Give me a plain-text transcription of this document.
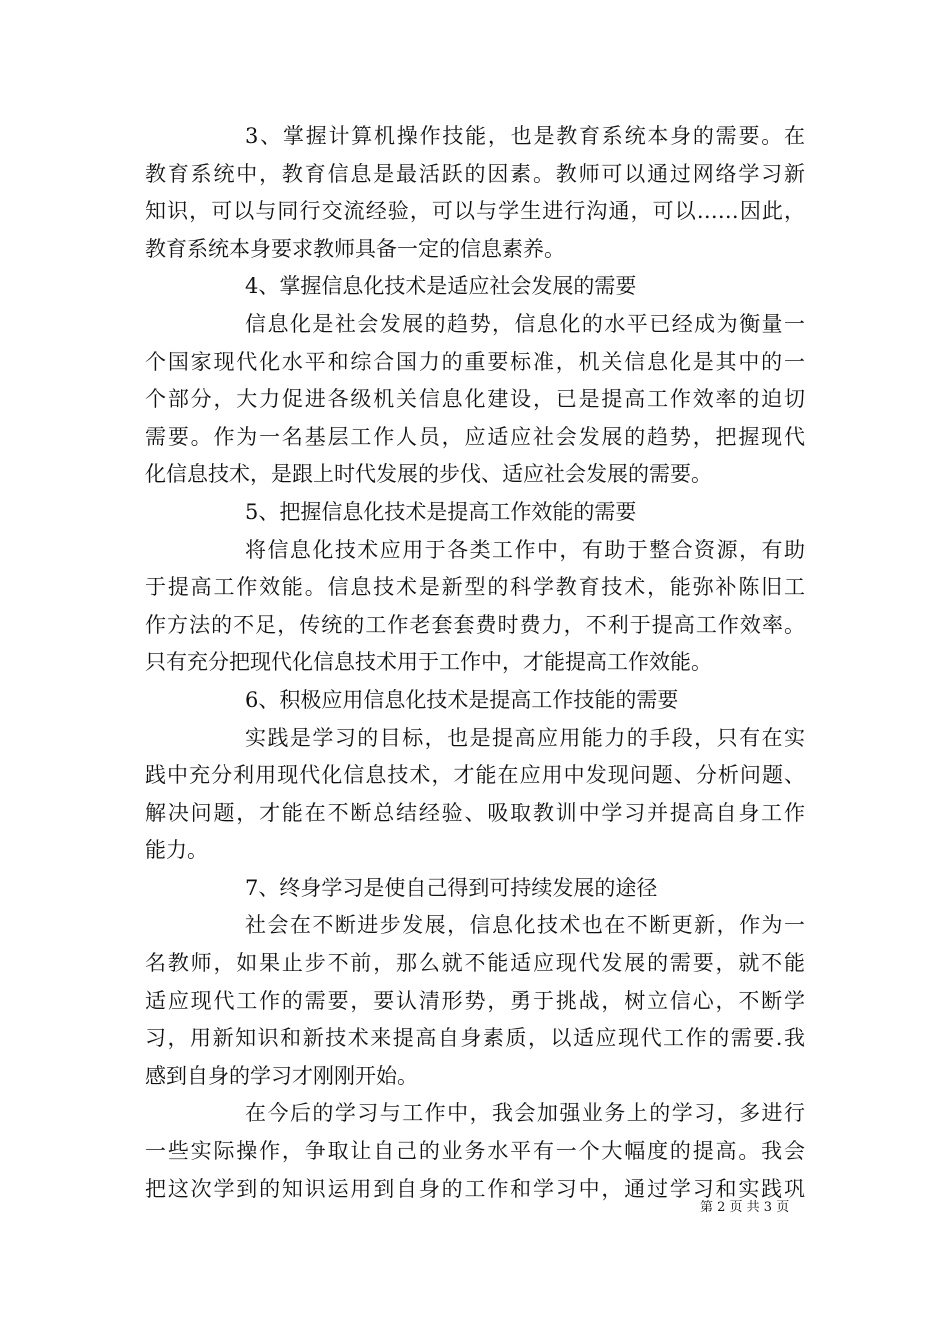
3、掌握计算机操作技能，也是教育系统本身的需要。在
教育系统中，教育信息是最活跃的因素。教师可以通过网络学习新
知识，可以与同行交流经验，可以与学生进行沟通，可以……因此，
教育系统本身要求教师具备一定的信息素养。
4、掌握信息化技术是适应社会发展的需要
信息化是社会发展的趋势，信息化的水平已经成为衡量一
个国家现代化水平和综合国力的重要标准，机关信息化是其中的一
个部分，大力促进各级机关信息化建设，已是提高工作效率的迫切
需要。作为一名基层工作人员，应适应社会发展的趋势，把握现代
化信息技术，是跟上时代发展的步伐、适应社会发展的需要。
5、把握信息化技术是提高工作效能的需要
将信息化技术应用于各类工作中，有助于整合资源，有助
于提高工作效能。信息技术是新型的科学教育技术，能弥补陈旧工
作方法的不足，传统的工作老套套费时费力，不利于提高工作效率。
只有充分把现代化信息技术用于工作中，才能提高工作效能。
6、积极应用信息化技术是提高工作技能的需要
实践是学习的目标，也是提高应用能力的手段，只有在实
践中充分利用现代化信息技术，才能在应用中发现问题、分析问题、
解决问题，才能在不断总结经验、吸取教训中学习并提高自身工作
能力。
7、终身学习是使自己得到可持续发展的途径
社会在不断进步发展，信息化技术也在不断更新，作为一
名教师，如果止步不前，那么就不能适应现代发展的需要，就不能
适应现代工作的需要，要认清形势，勇于挑战，树立信心，不断学
习，用新知识和新技术来提高自身素质，以适应现代工作的需要.我
感到自身的学习才刚刚开始。
在今后的学习与工作中，我会加强业务上的学习，多进行
一些实际操作，争取让自己的业务水平有一个大幅度的提高。我会
把这次学到的知识运用到自身的工作和学习中，通过学习和实践巩
第 2 页 共 3 页
